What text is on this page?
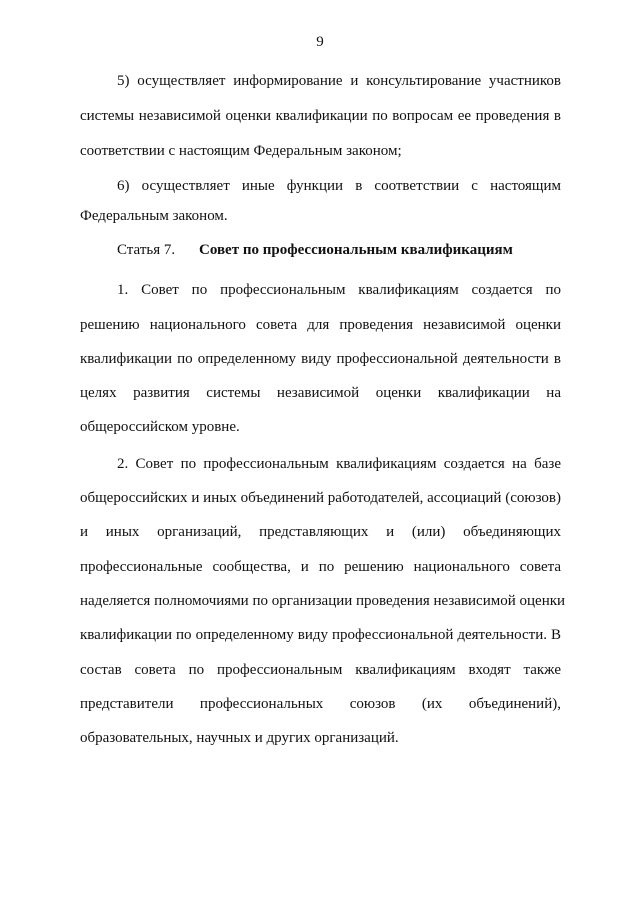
9
5) осуществляет информирование и консультирование участников
системы независимой оценки квалификации по вопросам ее проведения в
соответствии с настоящим Федеральным законом;
6) осуществляет иные функции в соответствии с настоящим
Федеральным законом.
Статья 7. Совет по профессиональным квалификациям
1. Совет по профессиональным квалификациям создается по
решению национального совета для проведения независимой оценки
квалификации по определенному виду профессиональной деятельности в
целях развития системы независимой оценки квалификации на
общероссийском уровне.
2. Совет по профессиональным квалификациям создается на базе
общероссийских и иных объединений работодателей, ассоциаций (союзов)
и иных организаций, представляющих и (или) объединяющих
профессиональные сообщества, и по решению национального совета
наделяется полномочиями по организации проведения независимой оценки
квалификации по определенному виду профессиональной деятельности. В
состав совета по профессиональным квалификациям входят также
представители профессиональных союзов (их объединений),
образовательных, научных и других организаций.
